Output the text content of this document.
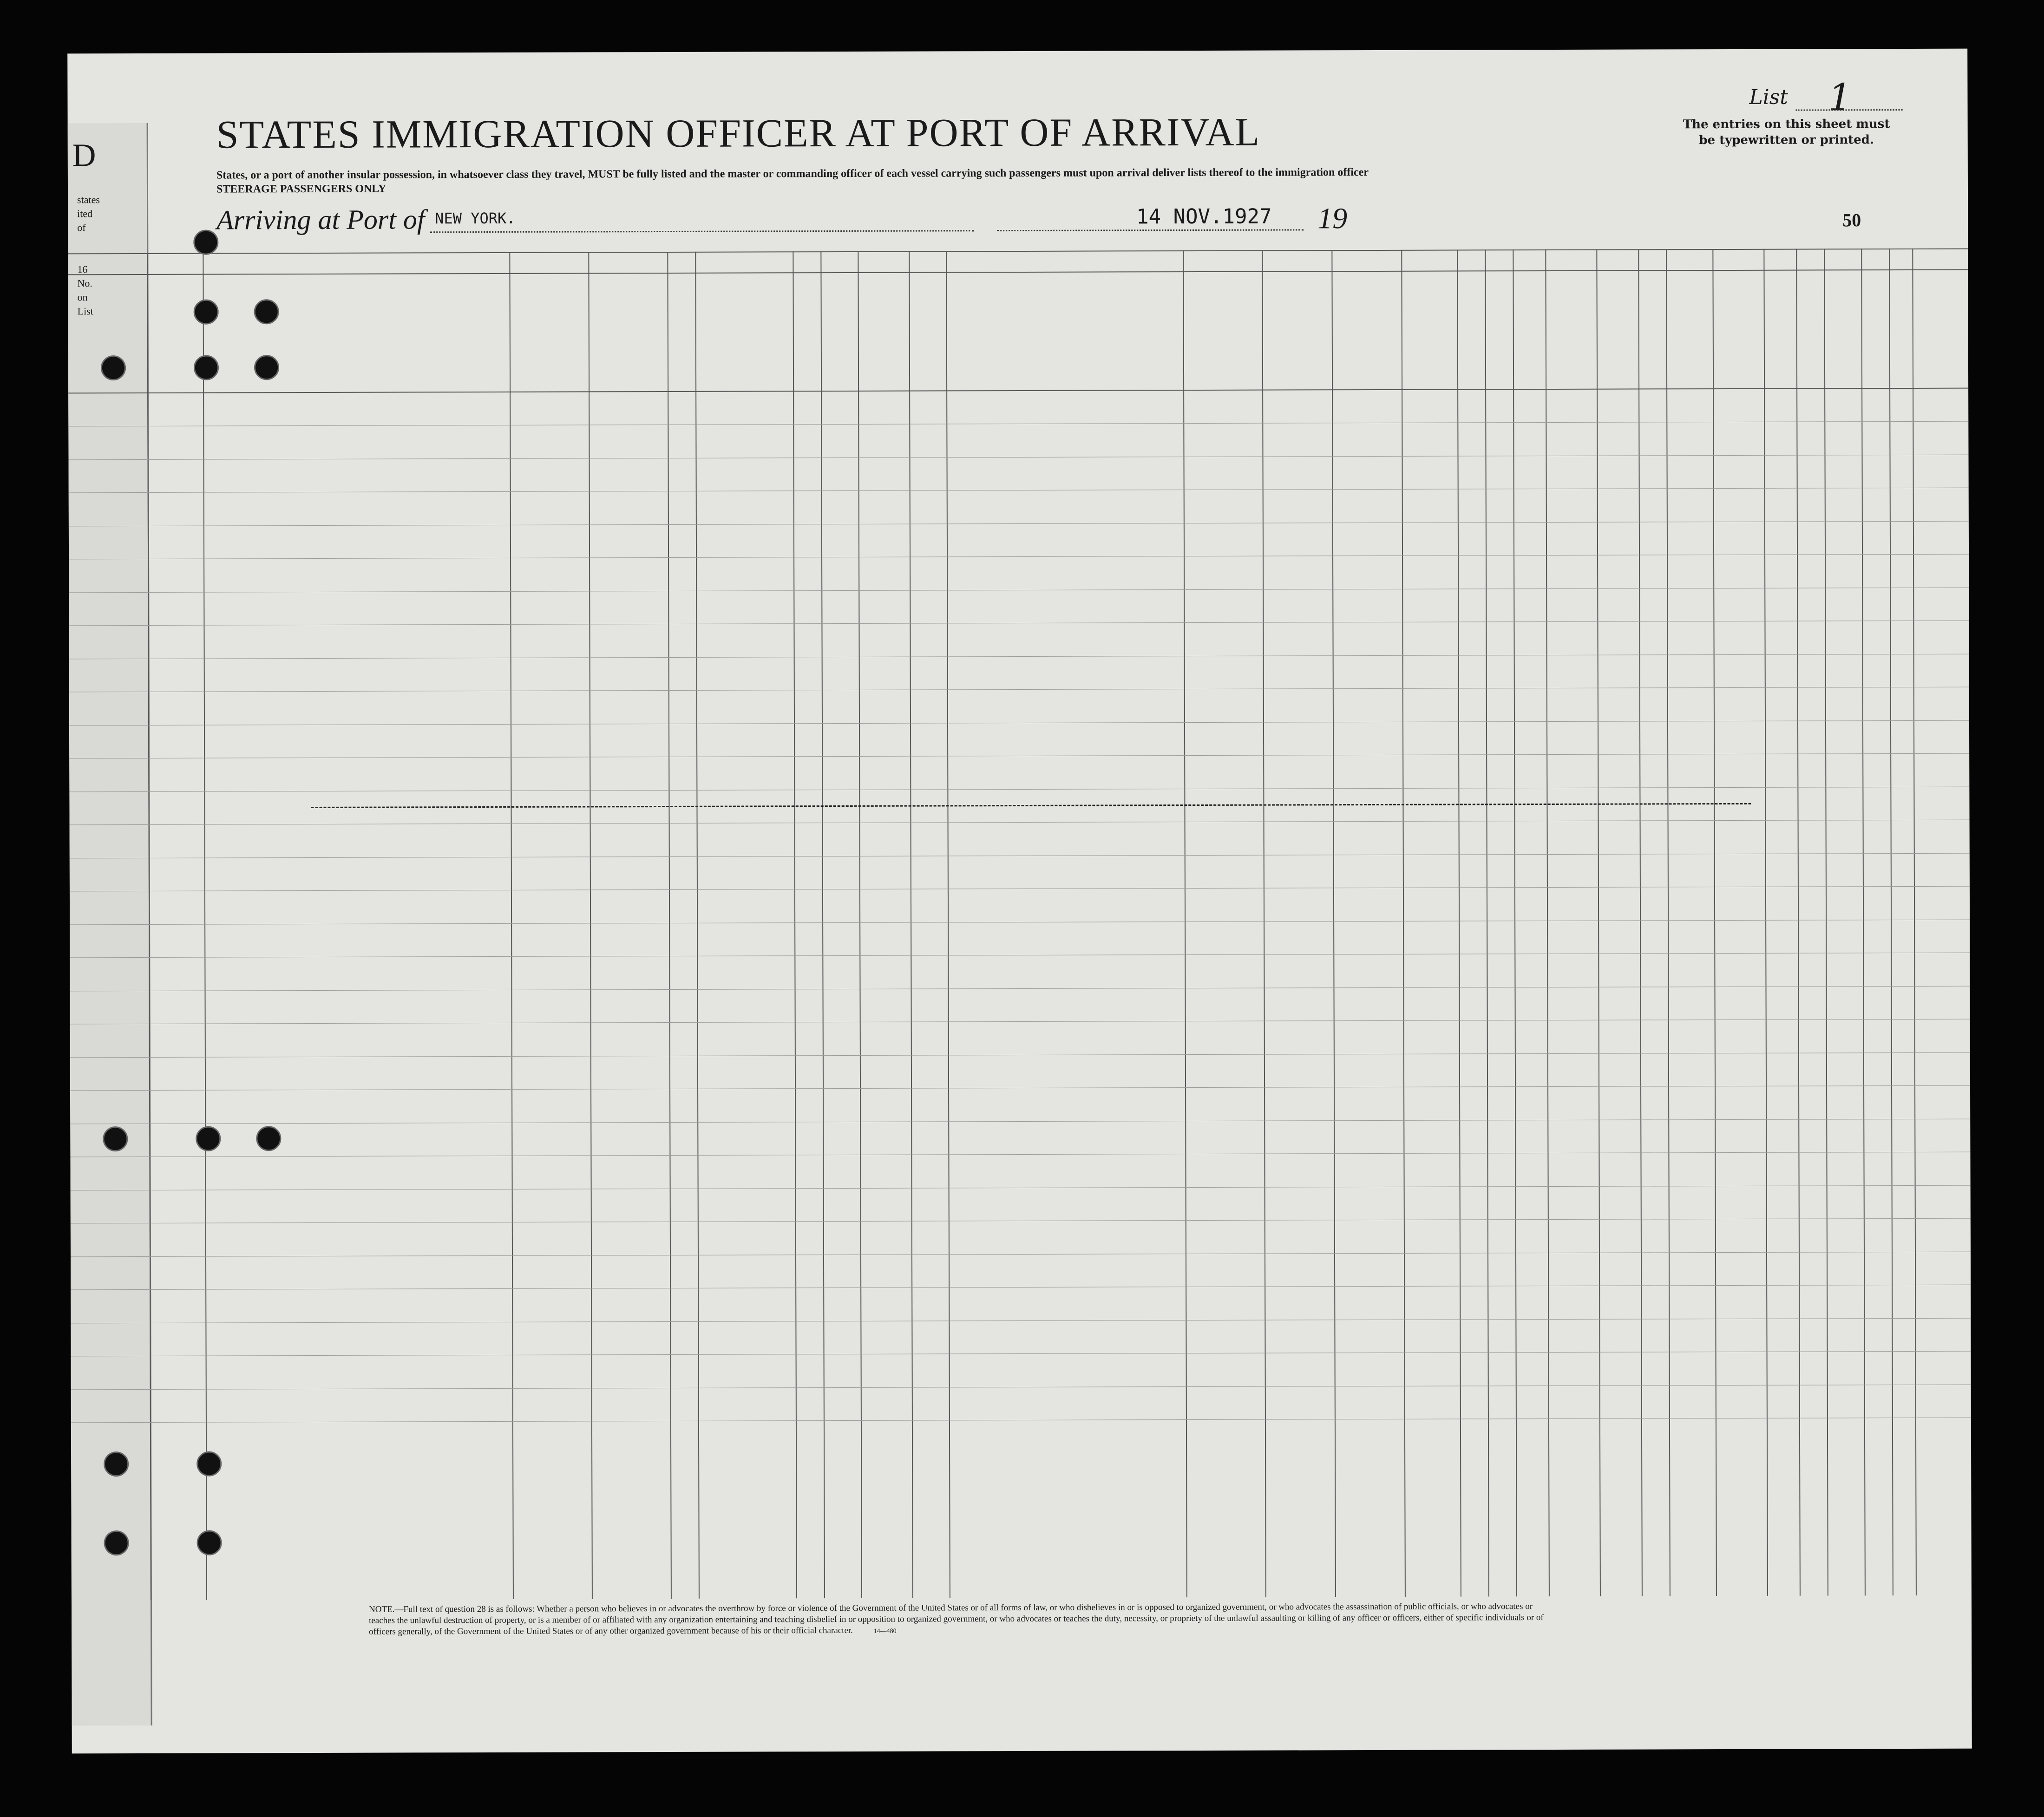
D
states
ited
of
16
No.
on
List
List 1
The entries on this sheet must be typewritten or printed.
STATES IMMIGRATION OFFICER AT PORT OF ARRIVAL
States, or a port of another insular possession, in whatsoever class they travel, MUST be fully listed and the master or commanding officer of each vessel carrying such passengers must upon arrival deliver lists thereof to the immigration officer
STEERAGE PASSENGERS ONLY
Arriving at Port of NEW YORK.	14 NOV.1927 19	50
NOTE.—Full text of question 28 is as follows: Whether a person who believes in or advocates the overthrow by force or violence of the Government of the United States or of all forms of law, or who disbelieves in or is opposed to organized government, or who advocates the assassination of public officials, or who advocates or teaches the unlawful destruction of property, or is a member of or affiliated with any organization entertaining and teaching disbelief in or opposition to organized government, or who advocates or teaches the duty, necessity, or propriety of the unlawful assaulting or killing of any officer or officers, either of specific individuals or of officers generally, of the Government of the United States or of any other organized government because of his or their official character.	14—480
